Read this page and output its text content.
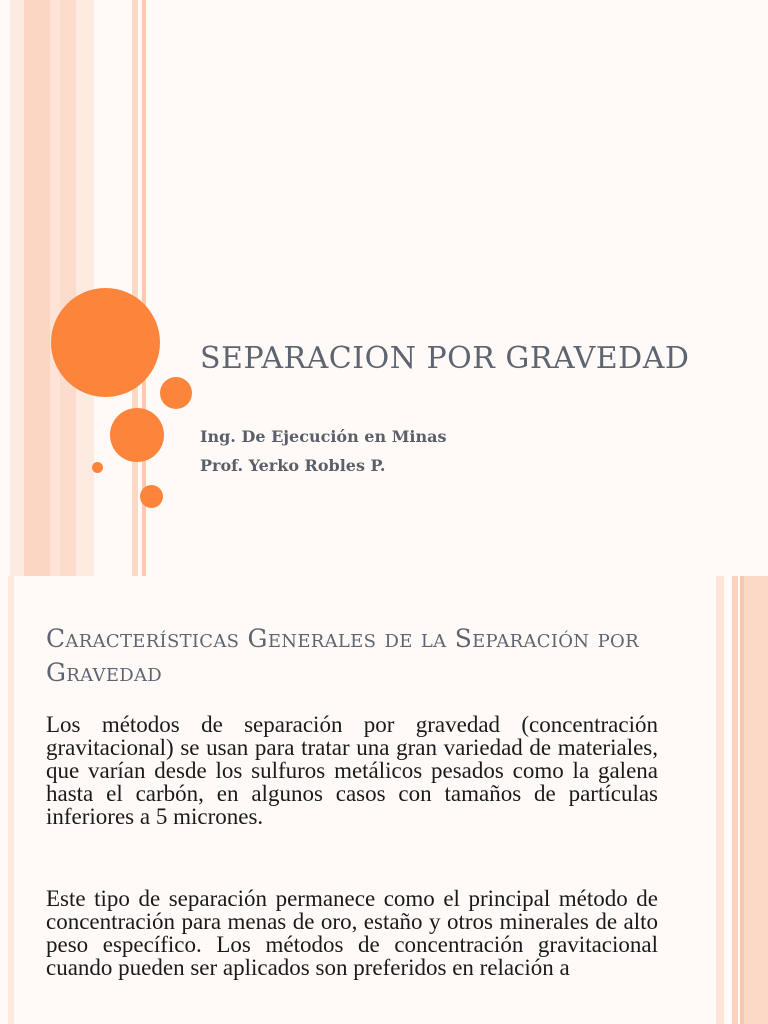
SEPARACION POR GRAVEDAD

Ing. De Ejecución en Minas

Prof. Yerko Robles P.

Características Generales de la Separación por Gravedad

Los métodos de separación por gravedad (concentración gravitacional) se usan para tratar una gran variedad de materiales, que varían desde los sulfuros metálicos pesados como la galena hasta el carbón, en algunos casos con tamaños de partículas inferiores a 5 micrones.

Este tipo de separación permanece como el principal método de concentración para menas de oro, estaño y otros minerales de alto peso específico. Los métodos de concentración gravitacional cuando pueden ser aplicados son preferidos en relación a
